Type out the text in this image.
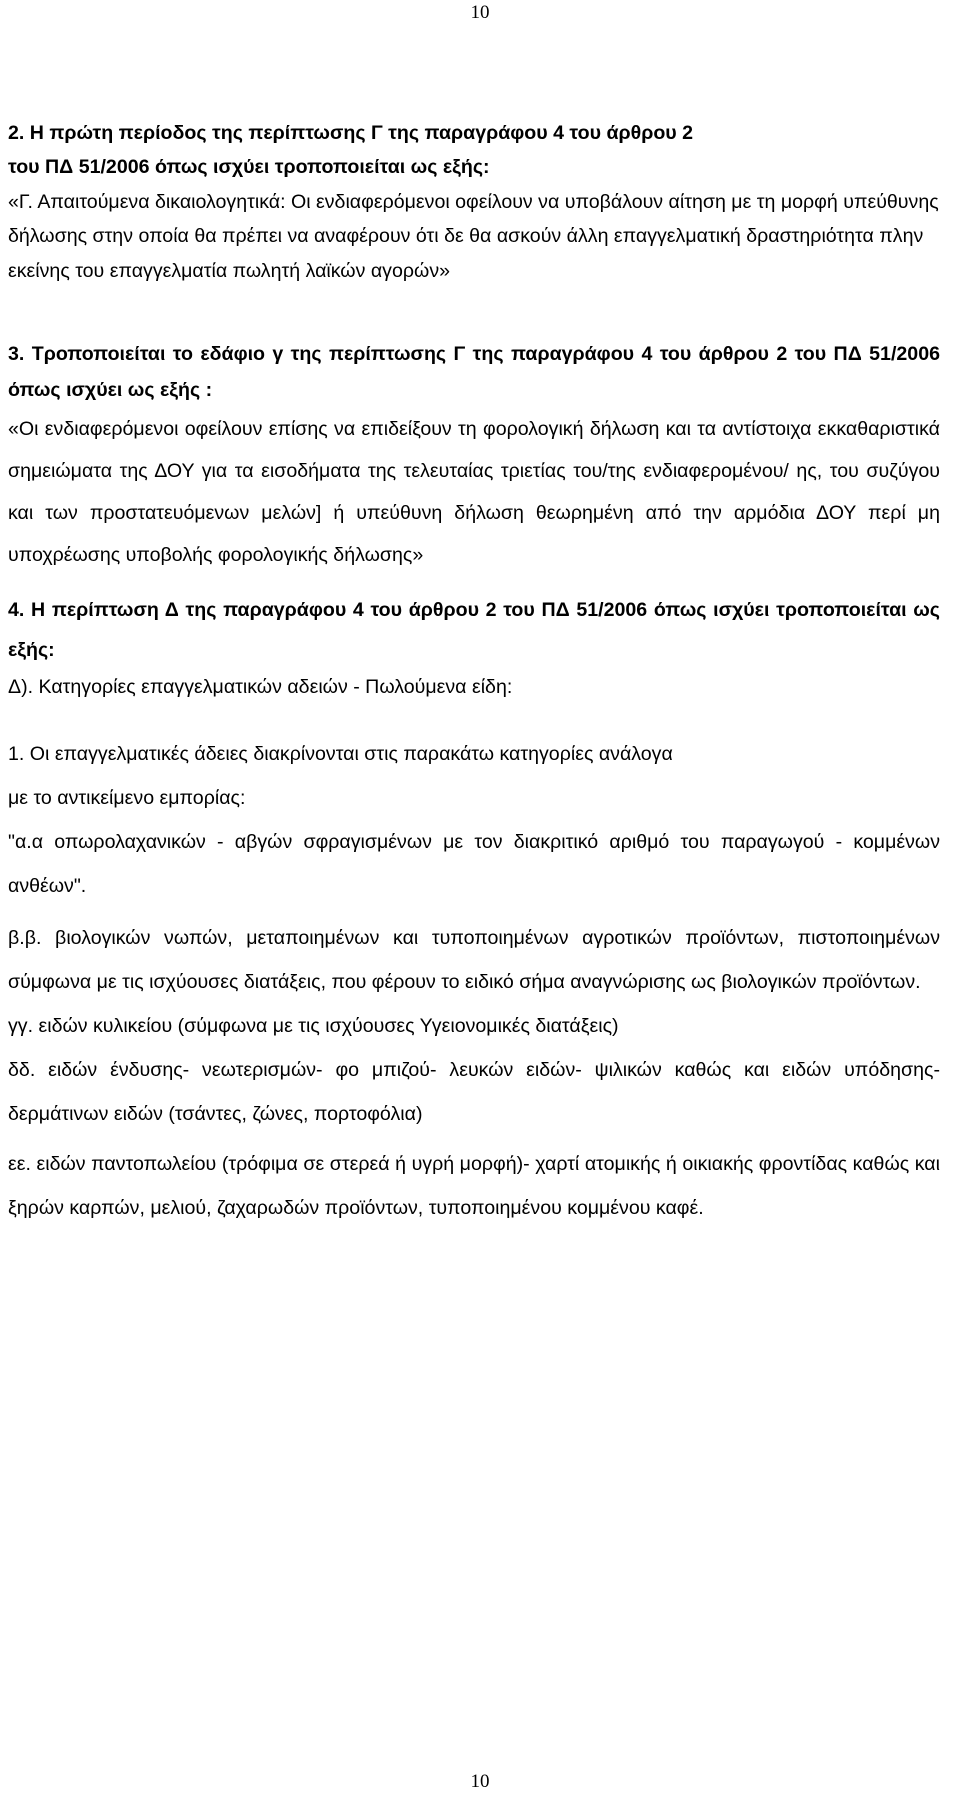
10

2. Η πρώτη περίοδος της περίπτωσης Γ της παραγράφου 4 του άρθρου 2

του ΠΔ 51/2006 όπως ισχύει τροποποιείται ως εξής:

«Γ. Απαιτούμενα δικαιολογητικά: Οι ενδιαφερόμενοι οφείλουν να υποβάλουν αίτηση με τη μορφή υπεύθυνης δήλωσης στην οποία θα πρέπει να αναφέρουν ότι δε θα ασκούν άλλη επαγγελματική δραστηριότητα πλην εκείνης του επαγγελματία πωλητή λαϊκών αγορών»

3. Τροποποιείται το εδάφιο γ της περίπτωσης Γ της παραγράφου 4 του άρθρου 2 του ΠΔ 51/2006 όπως ισχύει ως εξής :

«Οι ενδιαφερόμενοι οφείλουν επίσης να επιδείξουν τη φορολογική δήλωση και τα αντίστοιχα εκκαθαριστικά σημειώματα της ΔΟΥ για τα εισοδήματα της τελευταίας τριετίας του/της ενδιαφερομένου/ ης, του συζύγου και των προστατευόμενων μελών] ή υπεύθυνη δήλωση θεωρημένη από την αρμόδια ΔΟΥ περί μη υποχρέωσης υποβολής φορολογικής δήλωσης»

4. Η περίπτωση Δ της παραγράφου 4 του άρθρου 2 του ΠΔ 51/2006 όπως ισχύει τροποποιείται ως εξής:

Δ). Κατηγορίες επαγγελματικών αδειών - Πωλούμενα είδη:

1. Οι επαγγελματικές άδειες διακρίνονται στις παρακάτω κατηγορίες ανάλογα

με το αντικείμενο εμπορίας:

"α.α οπωρολαχανικών - αβγών σφραγισμένων με τον διακριτικό αριθμό του παραγωγού - κομμένων ανθέων".

β.β. βιολογικών νωπών, μεταποιημένων και τυποποιημένων αγροτικών προϊόντων, πιστοποιημένων σύμφωνα με τις ισχύουσες διατάξεις, που φέρουν το ειδικό σήμα αναγνώρισης ως βιολογικών προϊόντων.

γγ. ειδών κυλικείου (σύμφωνα με τις ισχύουσες Υγειονομικές διατάξεις)

δδ. ειδών ένδυσης- νεωτερισμών- φο μπιζού- λευκών ειδών- ψιλικών καθώς και ειδών υπόδησης- δερμάτινων ειδών (τσάντες, ζώνες, πορτοφόλια)

εε. ειδών παντοπωλείου (τρόφιμα σε στερεά ή υγρή μορφή)- χαρτί ατομικής ή οικιακής φροντίδας καθώς και ξηρών καρπών, μελιού, ζαχαρωδών προϊόντων, τυποποιημένου κομμένου καφέ.

10
